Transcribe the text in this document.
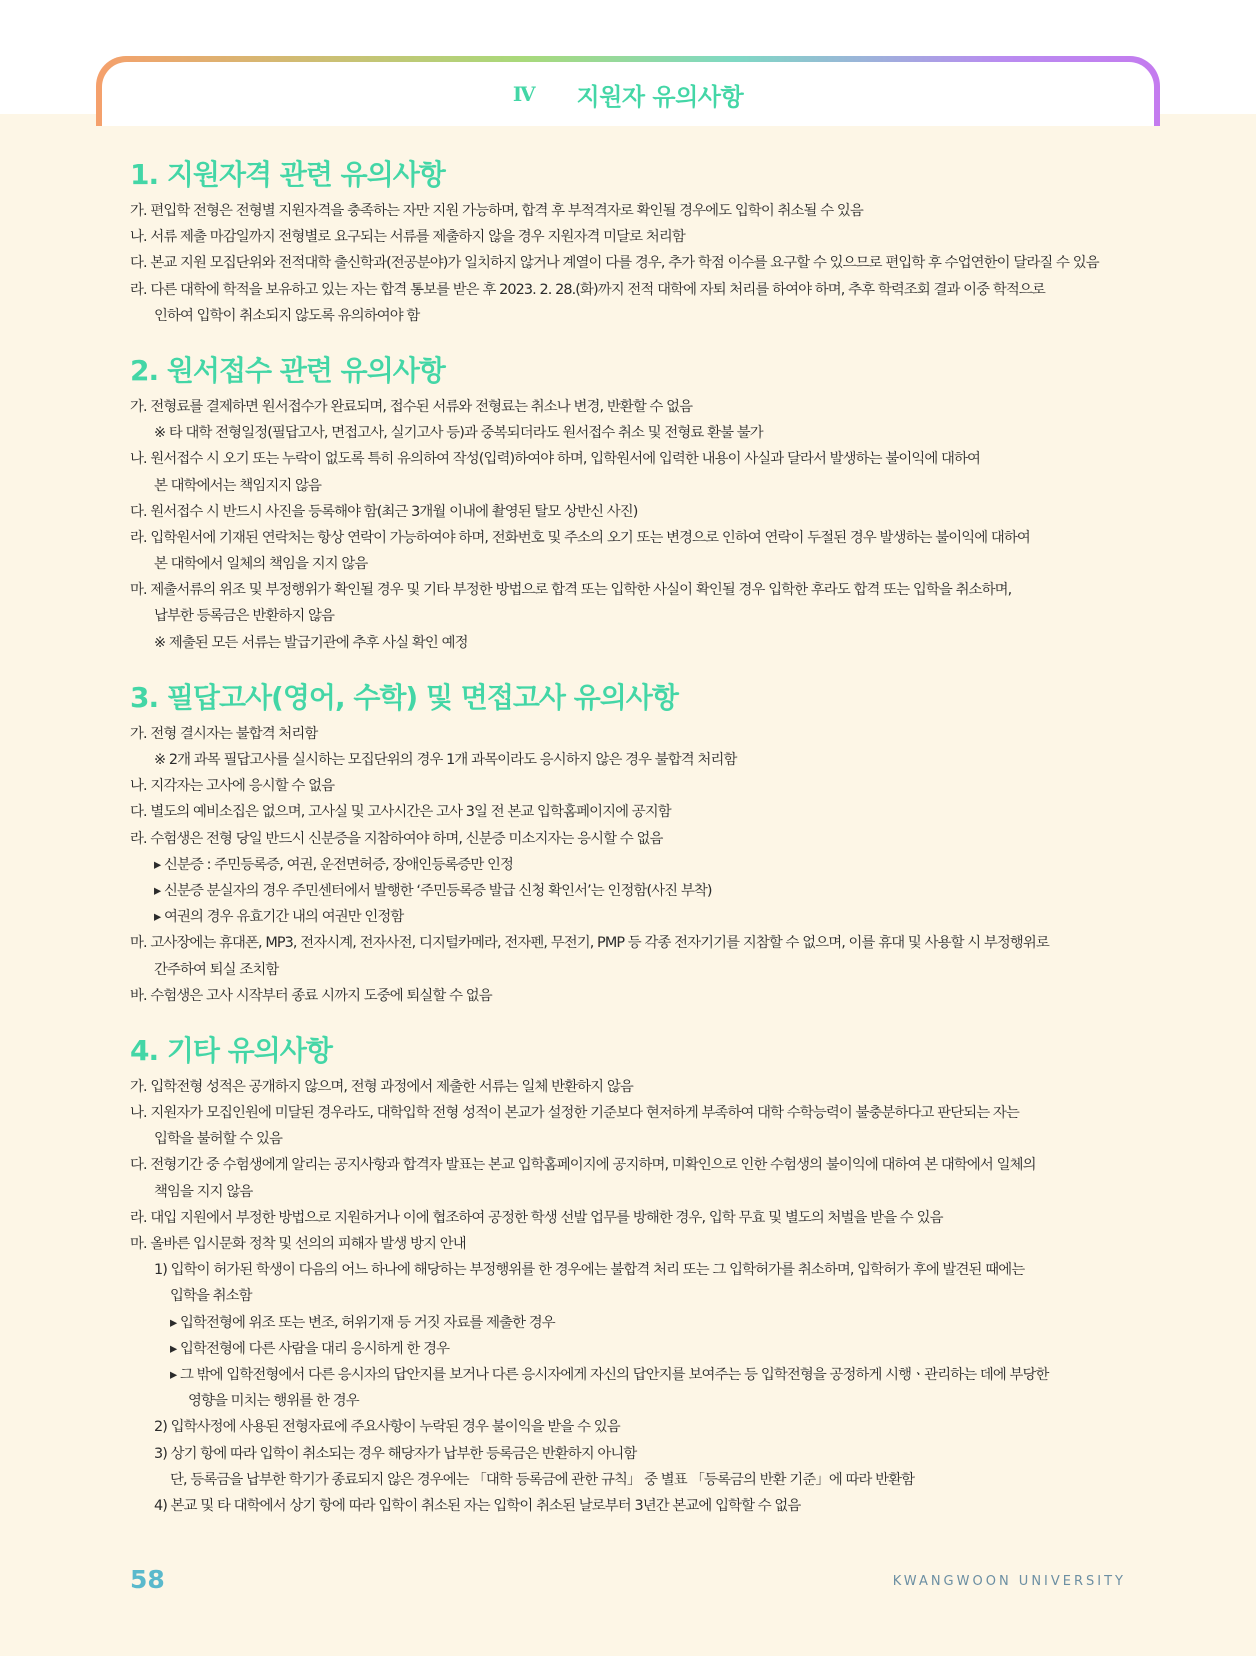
Ⅳ 지원자 유의사항
1. 지원자격 관련 유의사항
가. 편입학 전형은 전형별 지원자격을 충족하는 자만 지원 가능하며, 합격 후 부적격자로 확인될 경우에도 입학이 취소될 수 있음
나. 서류 제출 마감일까지 전형별로 요구되는 서류를 제출하지 않을 경우 지원자격 미달로 처리함
다. 본교 지원 모집단위와 전적대학 출신학과(전공분야)가 일치하지 않거나 계열이 다를 경우, 추가 학점 이수를 요구할 수 있으므로 편입학 후 수업연한이 달라질 수 있음
라. 다른 대학에 학적을 보유하고 있는 자는 합격 통보를 받은 후 2023. 2. 28.(화)까지 전적 대학에 자퇴 처리를 하여야 하며, 추후 학력조회 결과 이중 학적으로
인하여 입학이 취소되지 않도록 유의하여야 함
2. 원서접수 관련 유의사항
가. 전형료를 결제하면 원서접수가 완료되며, 접수된 서류와 전형료는 취소나 변경, 반환할 수 없음
※ 타 대학 전형일정(필답고사, 면접고사, 실기고사 등)과 중복되더라도 원서접수 취소 및 전형료 환불 불가
나. 원서접수 시 오기 또는 누락이 없도록 특히 유의하여 작성(입력)하여야 하며, 입학원서에 입력한 내용이 사실과 달라서 발생하는 불이익에 대하여
본 대학에서는 책임지지 않음
다. 원서접수 시 반드시 사진을 등록해야 함(최근 3개월 이내에 촬영된 탈모 상반신 사진)
라. 입학원서에 기재된 연락처는 항상 연락이 가능하여야 하며, 전화번호 및 주소의 오기 또는 변경으로 인하여 연락이 두절된 경우 발생하는 불이익에 대하여
본 대학에서 일체의 책임을 지지 않음
마. 제출서류의 위조 및 부정행위가 확인될 경우 및 기타 부정한 방법으로 합격 또는 입학한 사실이 확인될 경우 입학한 후라도 합격 또는 입학을 취소하며,
납부한 등록금은 반환하지 않음
※ 제출된 모든 서류는 발급기관에 추후 사실 확인 예정
3. 필답고사(영어, 수학) 및 면접고사 유의사항
가. 전형 결시자는 불합격 처리함
※ 2개 과목 필답고사를 실시하는 모집단위의 경우 1개 과목이라도 응시하지 않은 경우 불합격 처리함
나. 지각자는 고사에 응시할 수 없음
다. 별도의 예비소집은 없으며, 고사실 및 고사시간은 고사 3일 전 본교 입학홈페이지에 공지함
라. 수험생은 전형 당일 반드시 신분증을 지참하여야 하며, 신분증 미소지자는 응시할 수 없음
▸ 신분증 : 주민등록증, 여권, 운전면허증, 장애인등록증만 인정
▸ 신분증 분실자의 경우 주민센터에서 발행한 ‘주민등록증 발급 신청 확인서’는 인정함(사진 부착)
▸ 여권의 경우 유효기간 내의 여권만 인정함
마. 고사장에는 휴대폰, MP3, 전자시계, 전자사전, 디지털카메라, 전자펜, 무전기, PMP 등 각종 전자기기를 지참할 수 없으며, 이를 휴대 및 사용할 시 부정행위로
간주하여 퇴실 조치함
바. 수험생은 고사 시작부터 종료 시까지 도중에 퇴실할 수 없음
4. 기타 유의사항
가. 입학전형 성적은 공개하지 않으며, 전형 과정에서 제출한 서류는 일체 반환하지 않음
나. 지원자가 모집인원에 미달된 경우라도, 대학입학 전형 성적이 본교가 설정한 기준보다 현저하게 부족하여 대학 수학능력이 불충분하다고 판단되는 자는
입학을 불허할 수 있음
다. 전형기간 중 수험생에게 알리는 공지사항과 합격자 발표는 본교 입학홈페이지에 공지하며, 미확인으로 인한 수험생의 불이익에 대하여 본 대학에서 일체의
책임을 지지 않음
라. 대입 지원에서 부정한 방법으로 지원하거나 이에 협조하여 공정한 학생 선발 업무를 방해한 경우, 입학 무효 및 별도의 처벌을 받을 수 있음
마. 올바른 입시문화 정착 및 선의의 피해자 발생 방지 안내
1) 입학이 허가된 학생이 다음의 어느 하나에 해당하는 부정행위를 한 경우에는 불합격 처리 또는 그 입학허가를 취소하며, 입학허가 후에 발견된 때에는
입학을 취소함
▸ 입학전형에 위조 또는 변조, 허위기재 등 거짓 자료를 제출한 경우
▸ 입학전형에 다른 사람을 대리 응시하게 한 경우
▸ 그 밖에 입학전형에서 다른 응시자의 답안지를 보거나 다른 응시자에게 자신의 답안지를 보여주는 등 입학전형을 공정하게 시행ㆍ관리하는 데에 부당한
영향을 미치는 행위를 한 경우
2) 입학사정에 사용된 전형자료에 주요사항이 누락된 경우 불이익을 받을 수 있음
3) 상기 항에 따라 입학이 취소되는 경우 해당자가 납부한 등록금은 반환하지 아니함
단, 등록금을 납부한 학기가 종료되지 않은 경우에는 「대학 등록금에 관한 규칙」 중 별표 「등록금의 반환 기준」에 따라 반환함
4) 본교 및 타 대학에서 상기 항에 따라 입학이 취소된 자는 입학이 취소된 날로부터 3년간 본교에 입학할 수 없음
58	KWANGWOON UNIVERSITY
